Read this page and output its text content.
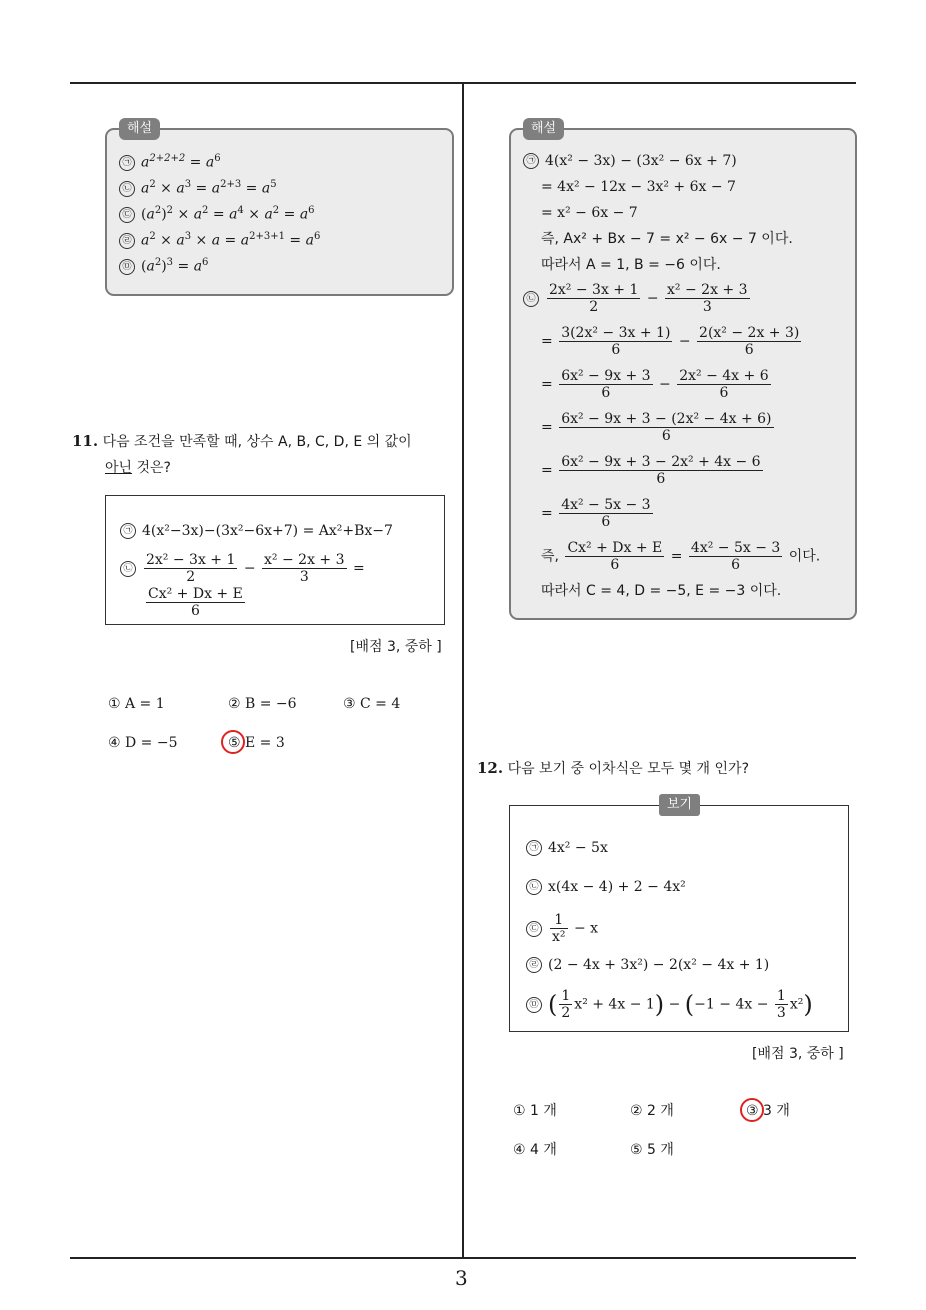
3
해설
㉠ $a^{2+2+2} = a^6$
㉡ $a^2 \times a^3 = a^{2+3} = a^5$
㉢ $(a^2)^2 \times a^2 = a^4 \times a^2 = a^6$
㉣ $a^2 \times a^3 \times a = a^{2+3+1} = a^6$
㉤ $(a^2)^3 = a^6$
11. 다음 조건을 만족할 때, 상수 A, B, C, D, E 의 값이
아닌 것은?
㉠ 4(x²−3x)−(3x²−6x+7) = Ax²+Bx−7
㉡ $\frac{\text{2x² − 3x + 1}}{2} - \frac{\text{x² − 2x + 3}}{3}$ =
$\frac{\text{Cx² + Dx + E}}{6}$
[배점 3, 중하 ]
① A = 1	② B = −6	③ C = 4
④ D = −5	⑤ E = 3
해설
㉠ 4(x² − 3x) − (3x² − 6x + 7)
= 4x² − 12x − 3x² + 6x − 7
= x² − 6x − 7
즉, Ax² + Bx − 7 = x² − 6x − 7 이다.
따라서 A = 1, B = −6 이다.
㉡ $\frac{\text{2x² − 3x + 1}}{2} - \frac{\text{x² − 2x + 3}}{3}$
= $\frac{\text{3(2x² − 3x + 1)}}{6} - \frac{\text{2(x² − 2x + 3)}}{6}$
= $\frac{\text{6x² − 9x + 3}}{6} - \frac{\text{2x² − 4x + 6}}{6}$
= $\frac{\text{6x² − 9x + 3 − (2x² − 4x + 6)}}{6}$
= $\frac{\text{6x² − 9x + 3 − 2x² + 4x − 6}}{6}$
= $\frac{\text{4x² − 5x − 3}}{6}$
즉, $\frac{\text{Cx² + Dx + E}}{6} = \frac{\text{4x² − 5x − 3}}{6}$ 이다.
따라서 C = 4, D = −5, E = −3 이다.
12. 다음 보기 중 이차식은 모두 몇 개 인가?
보기
㉠ 4x² − 5x
㉡ x(4x − 4) + 2 − 4x²
㉢ $\frac{1}{\text{x²}} - x$
㉣ (2 − 4x + 3x²) − 2(x² − 4x + 1)
㉤ ( $\frac{1}{2} x^2 + 4x - 1) - (-1 - 4x - \frac{1}{3} x^2)$
[배점 3, 중하 ]
① 1 개	② 2 개	③ 3 개
④ 4 개	⑤ 5 개
